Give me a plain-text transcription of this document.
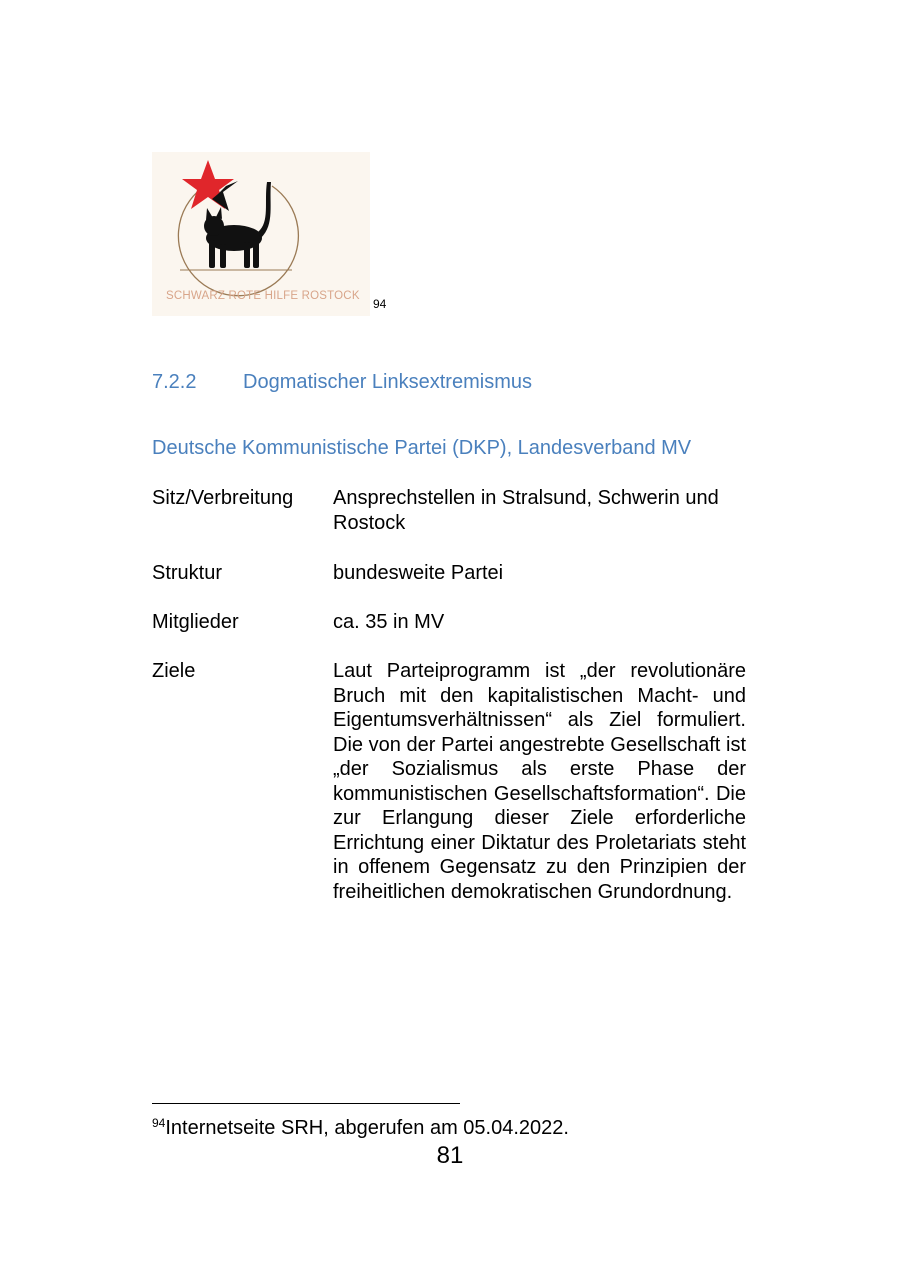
SCHWARZ ROTE HILFE ROSTOCK
94
7.2.2 Dogmatischer Linksextremismus
Deutsche Kommunistische Partei (DKP), Landesverband MV
Sitz/Verbreitung	Ansprechstellen in Stralsund, Schwerin und Rostock
Struktur	bundesweite Partei
Mitglieder	ca. 35 in MV
Ziele	Laut Parteiprogramm ist „der revolutionäre Bruch mit den kapitalistischen Macht- und Eigentumsverhältnissen“ als Ziel formuliert. Die von der Partei angestrebte Gesellschaft ist „der Sozialismus als erste Phase der kommunistischen Gesellschaftsformation“. Die zur Erlangung dieser Ziele erforderliche Errichtung einer Diktatur des Proletariats steht in offenem Gegensatz zu den Prinzipien der freiheitlichen demokratischen Grundordnung.
$^{94}$Internetseite SRH, abgerufen am 05.04.2022.
81
